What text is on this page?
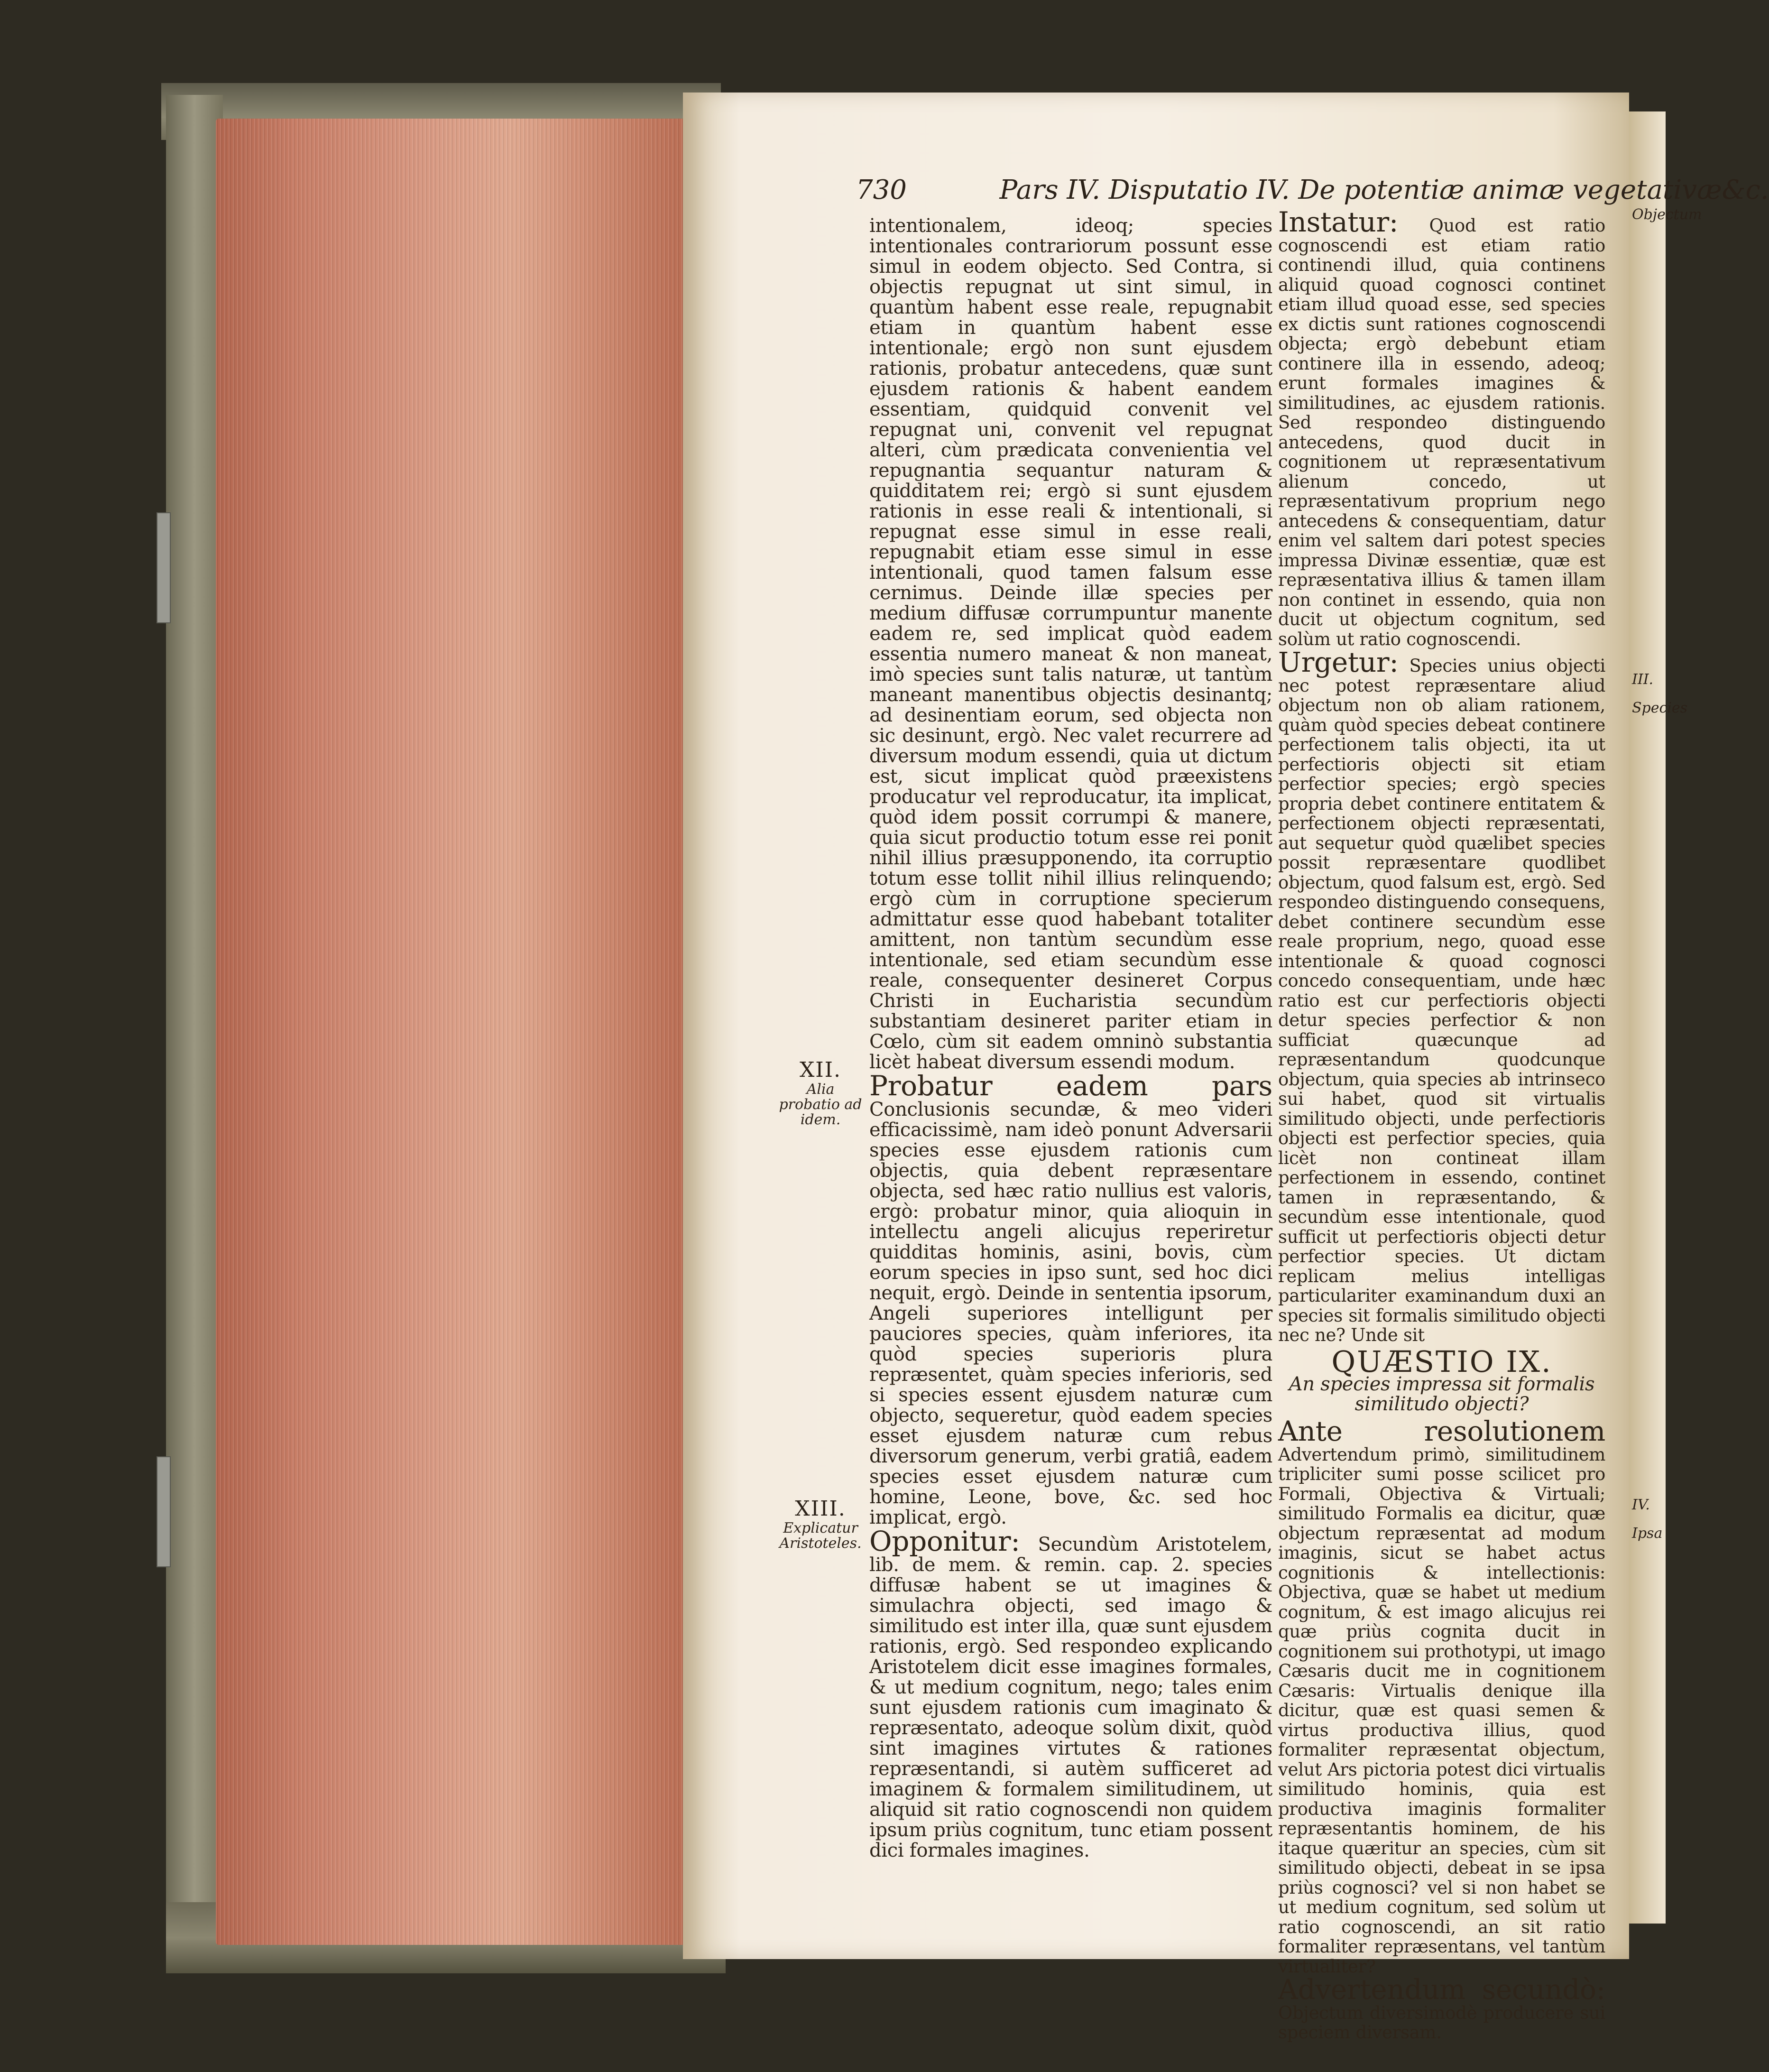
Objectum
III.
Species
IV.
Ipsa
730	Pars IV. Disputatio IV. De potentiæ animæ vegetativæ&c.
XII.
Alia probatio ad idem.
XIII.
Explicatur Aristoteles.

intentionalem, ideoq; species intentionales contrariorum possunt esse simul in eodem objecto. Sed Contra, si objectis repugnat ut sint simul, in quantùm habent esse reale, repugnabit etiam in quantùm habent esse intentionale; ergò non sunt ejusdem rationis, probatur antecedens, quæ sunt ejusdem rationis & habent eandem essentiam, quidquid convenit vel repugnat uni, convenit vel repugnat alteri, cùm prædicata convenientia vel repugnantia sequantur naturam & quidditatem rei; ergò si sunt ejusdem rationis in esse reali & intentionali, si repugnat esse simul in esse reali, repugnabit etiam esse simul in esse intentionali, quod tamen falsum esse cernimus. Deinde illæ species per medium diffusæ corrumpuntur manente eadem re, sed implicat quòd eadem essentia numero maneat & non maneat, imò species sunt talis naturæ, ut tantùm maneant manentibus objectis desinantq; ad desinentiam eorum, sed objecta non sic desinunt, ergò. Nec valet recurrere ad diversum modum essendi, quia ut dictum est, sicut implicat quòd præexistens producatur vel reproducatur, ita implicat, quòd idem possit corrumpi & manere, quia sicut productio totum esse rei ponit nihil illius præsupponendo, ita corruptio totum esse tollit nihil illius relinquendo; ergò cùm in corruptione specierum admittatur esse quod habebant totaliter amittent, non tantùm secundùm esse intentionale, sed etiam secundùm esse reale, consequenter desineret Corpus Christi in Eucharistia secundùm substantiam desineret pariter etiam in Cœlo, cùm sit eadem omninò substantia licèt habeat diversum essendi modum.

Probatur eadem pars Conclusionis secundæ, & meo videri efficacissimè, nam ideò ponunt Adversarii species esse ejusdem rationis cum objectis, quia debent repræsentare objecta, sed hæc ratio nullius est valoris, ergò: probatur minor, quia alioquin in intellectu angeli alicujus reperiretur quidditas hominis, asini, bovis, cùm eorum species in ipso sunt, sed hoc dici nequit, ergò. Deinde in sententia ipsorum, Angeli superiores intelligunt per pauciores species, quàm inferiores, ita quòd species superioris plura repræsentet, quàm species inferioris, sed si species essent ejusdem naturæ cum objecto, sequeretur, quòd eadem species esset ejusdem naturæ cum rebus diversorum generum, verbi gratiâ, eadem species esset ejusdem naturæ cum homine, Leone, bove, &c. sed hoc implicat, ergò.

Opponitur: Secundùm Aristotelem, lib. de mem. & remin. cap. 2. species diffusæ habent se ut imagines & simulachra objecti, sed imago & similitudo est inter illa, quæ sunt ejusdem rationis, ergò. Sed respondeo explicando Aristotelem dicit esse imagines formales, & ut medium cognitum, nego; tales enim sunt ejusdem rationis cum imaginato & repræsentato, adeoque solùm dixit, quòd sint imagines virtutes & rationes repræsentandi, si autèm sufficeret ad imaginem & formalem similitudinem, ut aliquid sit ratio cognoscendi non quidem ipsum priùs cognitum, tunc etiam possent dici formales imagines.

Instatur: Quod est ratio cognoscendi est etiam ratio continendi illud, quia continens aliquid quoad cognosci continet etiam illud quoad esse, sed species ex dictis sunt rationes cognoscendi objecta; ergò debebunt etiam continere illa in essendo, adeoq; erunt formales imagines & similitudines, ac ejusdem rationis. Sed respondeo distinguendo antecedens, quod ducit in cognitionem ut repræsentativum alienum concedo, ut repræsentativum proprium nego antecedens & consequentiam, datur enim vel saltem dari potest species impressa Divinæ essentiæ, quæ est repræsentativa illius & tamen illam non continet in essendo, quia non ducit ut objectum cognitum, sed solùm ut ratio cognoscendi.

Urgetur: Species unius objecti nec potest repræsentare aliud objectum non ob aliam rationem, quàm quòd species debeat continere perfectionem talis objecti, ita ut perfectioris objecti sit etiam perfectior species; ergò species propria debet continere entitatem & perfectionem objecti repræsentati, aut sequetur quòd quælibet species possit repræsentare quodlibet objectum, quod falsum est, ergò. Sed respondeo distinguendo consequens, debet continere secundùm esse reale proprium, nego, quoad esse intentionale & quoad cognosci concedo consequentiam, unde hæc ratio est cur perfectioris objecti detur species perfectior & non sufficiat quæcunque ad repræsentandum quodcunque objectum, quia species ab intrinseco sui habet, quod sit virtualis similitudo objecti, unde perfectioris objecti est perfectior species, quia licèt non contineat illam perfectionem in essendo, continet tamen in repræsentando, & secundùm esse intentionale, quod sufficit ut perfectioris objecti detur perfectior species. Ut dictam replicam melius intelligas particulariter examinandum duxi an species sit formalis similitudo objecti nec ne? Unde sit

QUÆSTIO IX.
An species impressa sit formalis similitudo objecti?

Ante resolutionem Advertendum primò, similitudinem tripliciter sumi posse scilicet pro Formali, Objectiva & Virtuali; similitudo Formalis ea dicitur, quæ objectum repræsentat ad modum imaginis, sicut se habet actus cognitionis & intellectionis: Objectiva, quæ se habet ut medium cognitum, & est imago alicujus rei quæ priùs cognita ducit in cognitionem sui prothotypi, ut imago Cæsaris ducit me in cognitionem Cæsaris: Virtualis denique illa dicitur, quæ est quasi semen & virtus productiva illius, quod formaliter repræsentat objectum, velut Ars pictoria potest dici virtualis similitudo hominis, quia est productiva imaginis formaliter repræsentantis hominem, de his itaque quæritur an species, cùm sit similitudo objecti, debeat in se ipsa priùs cognosci? vel si non habet se ut medium cognitum, sed solùm ut ratio cognoscendi, an sit ratio formaliter repræsentans, vel tantùm virtualiter?

Advertendum secundò: Objectum diversimodè producere sui speciem diversam.
